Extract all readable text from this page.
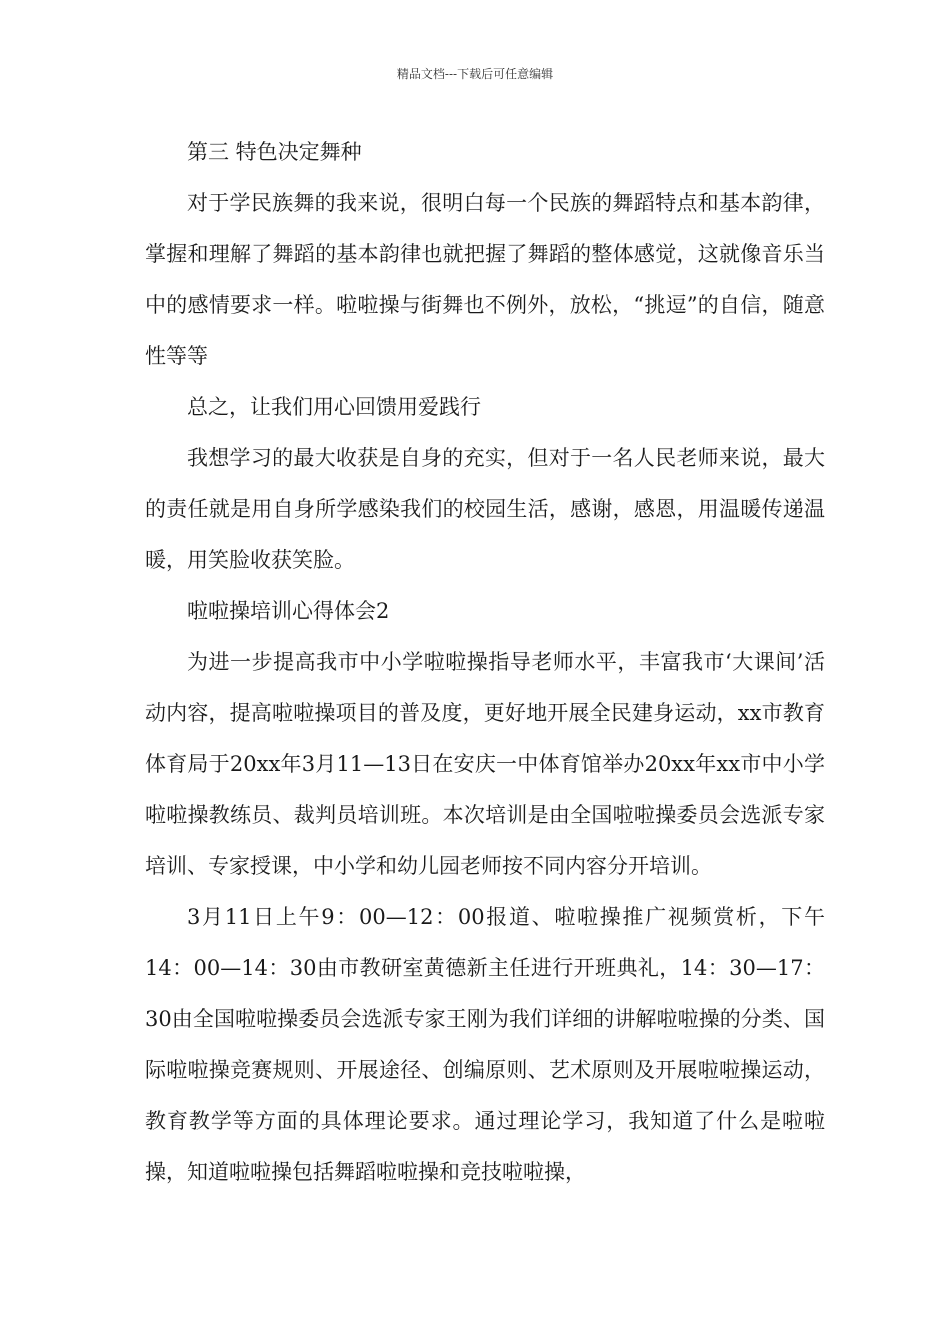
精品文档---下载后可任意编辑

第三 特色决定舞种

对于学民族舞的我来说，很明白每一个民族的舞蹈特点和基本韵律，掌握和理解了舞蹈的基本韵律也就把握了舞蹈的整体感觉，这就像音乐当中的感情要求一样。啦啦操与街舞也不例外，放松，“挑逗”的自信，随意性等等

总之，让我们用心回馈用爱践行

我想学习的最大收获是自身的充实，但对于一名人民老师来说，最大的责任就是用自身所学感染我们的校园生活，感谢，感恩，用温暖传递温暖，用笑脸收获笑脸。

啦啦操培训心得体会2

为进一步提高我市中小学啦啦操指导老师水平，丰富我市‘大课间’活动内容，提高啦啦操项目的普及度，更好地开展全民建身运动，xx市教育体育局于20xx年3月11—13日在安庆一中体育馆举办20xx年xx市中小学啦啦操教练员、裁判员培训班。本次培训是由全国啦啦操委员会选派专家培训、专家授课，中小学和幼儿园老师按不同内容分开培训。

3月11日上午9：00—12：00报道、啦啦操推广视频赏析，下午14：00—14：30由市教研室黄德新主任进行开班典礼，14：30—17：30由全国啦啦操委员会选派专家王刚为我们详细的讲解啦啦操的分类、国际啦啦操竞赛规则、开展途径、创编原则、艺术原则及开展啦啦操运动，教育教学等方面的具体理论要求。通过理论学习，我知道了什么是啦啦操，知道啦啦操包括舞蹈啦啦操和竞技啦啦操，
